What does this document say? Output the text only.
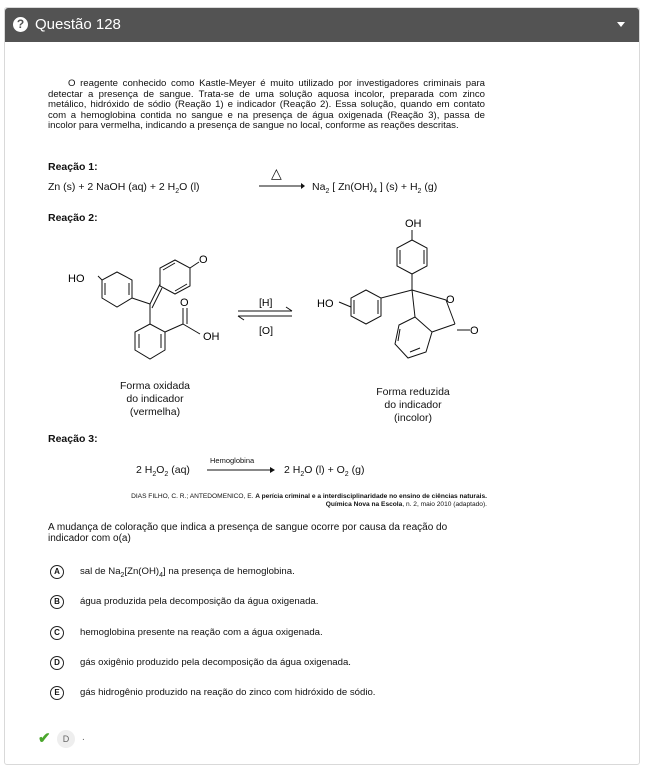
? Questão 128
O reagente conhecido como Kastle-Meyer é muito utilizado por investigadores criminais para detectar a presença de sangue. Trata-se de uma solução aquosa incolor, preparada com zinco metálico, hidróxido de sódio (Reação 1) e indicador (Reação 2). Essa solução, quando em contato com a hemoglobina contida no sangue e na presença de água oxigenada (Reação 3), passa de incolor para vermelha, indicando a presença de sangue no local, conforme as reações descritas.
Reação 1:
Zn (s) + 2 NaOH (aq) + 2 $H_2O$ (l)
△
$Na_2$ [ $Zn(OH)_4$ ] $(s) + H_2$ (g)
Reação 2:
HO
O
O
OH
[H]
[O]
OH
HO	O
O
Forma oxidada
do indicador
(vermelha)
Forma reduzida
do indicador
(incolor)
Reação 3:
2 $H_2O_2$ (aq)
Hemoglobina
2 $H_2O$ $(l) + O_2$ (g)
DIAS FILHO, C. R.; ANTEDOMENICO, E. A perícia criminal e a interdisciplinaridade no ensino de ciências naturais.
Química Nova na Escola, n. 2, maio 2010 (adaptado).
A mudança de coloração que indica a presença de sangue ocorre por causa da reação do indicador com o(a)
A	sal de $Na_2[Zn(OH)_4]$ na presença de hemoglobina.
B	água produzida pela decomposição da água oxigenada.
C	hemoglobina presente na reação com a água oxigenada.
D	gás oxigênio produzido pela decomposição da água oxigenada.
E	gás hidrogênio produzido na reação do zinco com hidróxido de sódio.
✔	D	.
